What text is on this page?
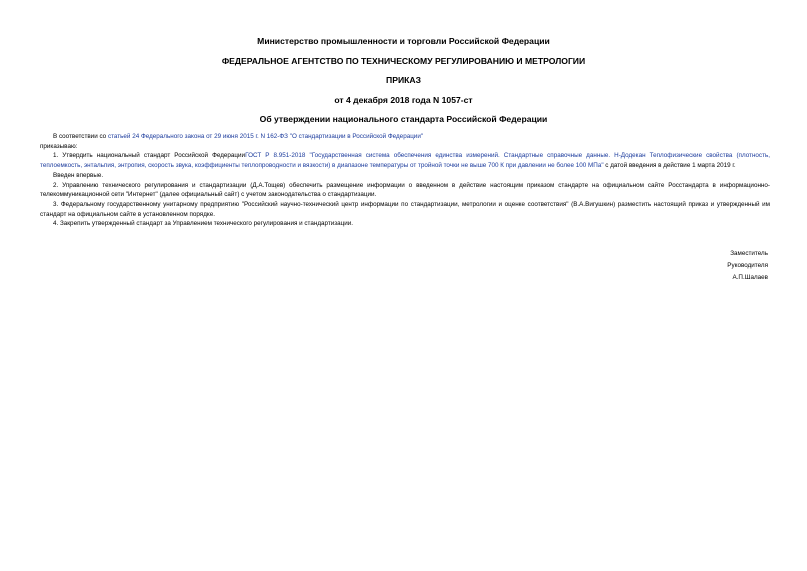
Министерство промышленности и торговли Российской Федерации
ФЕДЕРАЛЬНОЕ АГЕНТСТВО ПО ТЕХНИЧЕСКОМУ РЕГУЛИРОВАНИЮ И МЕТРОЛОГИИ
ПРИКАЗ
от 4 декабря 2018 года N 1057-ст
Об утверждении национального стандарта Российской Федерации

В соответствии со статьей 24 Федерального закона от 29 июня 2015 г. N 162-ФЗ "О стандартизации в Российской Федерации"

приказываю:

1. Утвердить национальный стандарт Российской ФедерацииГОСТ Р 8.951-2018 "Государственная система обеспечения единства измерений. Стандартные справочные данные. Н-Додекан Теплофизические свойства (плотность, теплоемкость, энтальпия, энтропия, скорость звука, коэффициенты теплопроводности и вязкости) в диапазоне температуры от тройной точки не выше 700 К при давлении не более 100 МПа" с датой введения в действие 1 марта 2019 г.

Введен впервые.

2. Управлению технического регулирования и стандартизации (Д.А.Тощев) обеспечить размещение информации о введенном в действие настоящим приказом стандарте на официальном сайте Росстандарта в информационно-телекоммуникационной сети "Интернет" (далее официальный сайт) с учетом законодательства о стандартизации.

3. Федеральному государственному унитарному предприятию "Российский научно-технический центр информации по стандартизации, метрологии и оценке соответствия" (В.А.Вигушкин) разместить настоящий приказ и утвержденный им стандарт на официальном сайте в установленном порядке.

4. Закрепить утвержденный стандарт за Управлением технического регулирования и стандартизации.

Заместитель
Руководителя
А.П.Шалаев
